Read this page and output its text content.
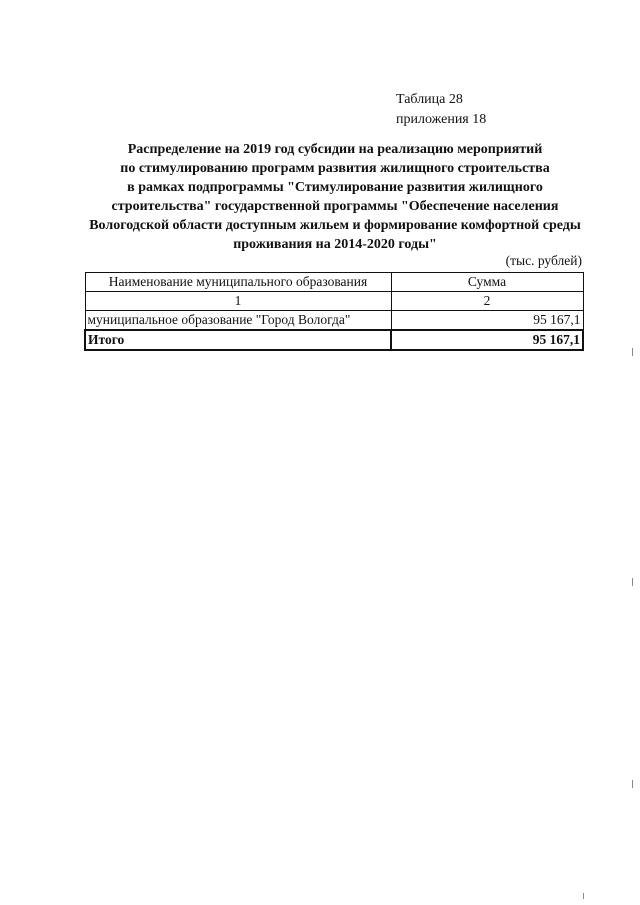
Таблица 28
приложения 18
Распределение на 2019 год субсидии на реализацию мероприятий
по стимулированию программ развития жилищного строительства
в рамках подпрограммы "Стимулирование развития жилищного
строительства" государственной программы "Обеспечение населения
Вологодской области доступным жильем и формирование комфортной среды
проживания на 2014-2020 годы"
(тыс. рублей)
Наименование муниципального образования	Сумма
1	2
муниципальное образование "Город Вологда"	95 167,1
Итого	95 167,1
